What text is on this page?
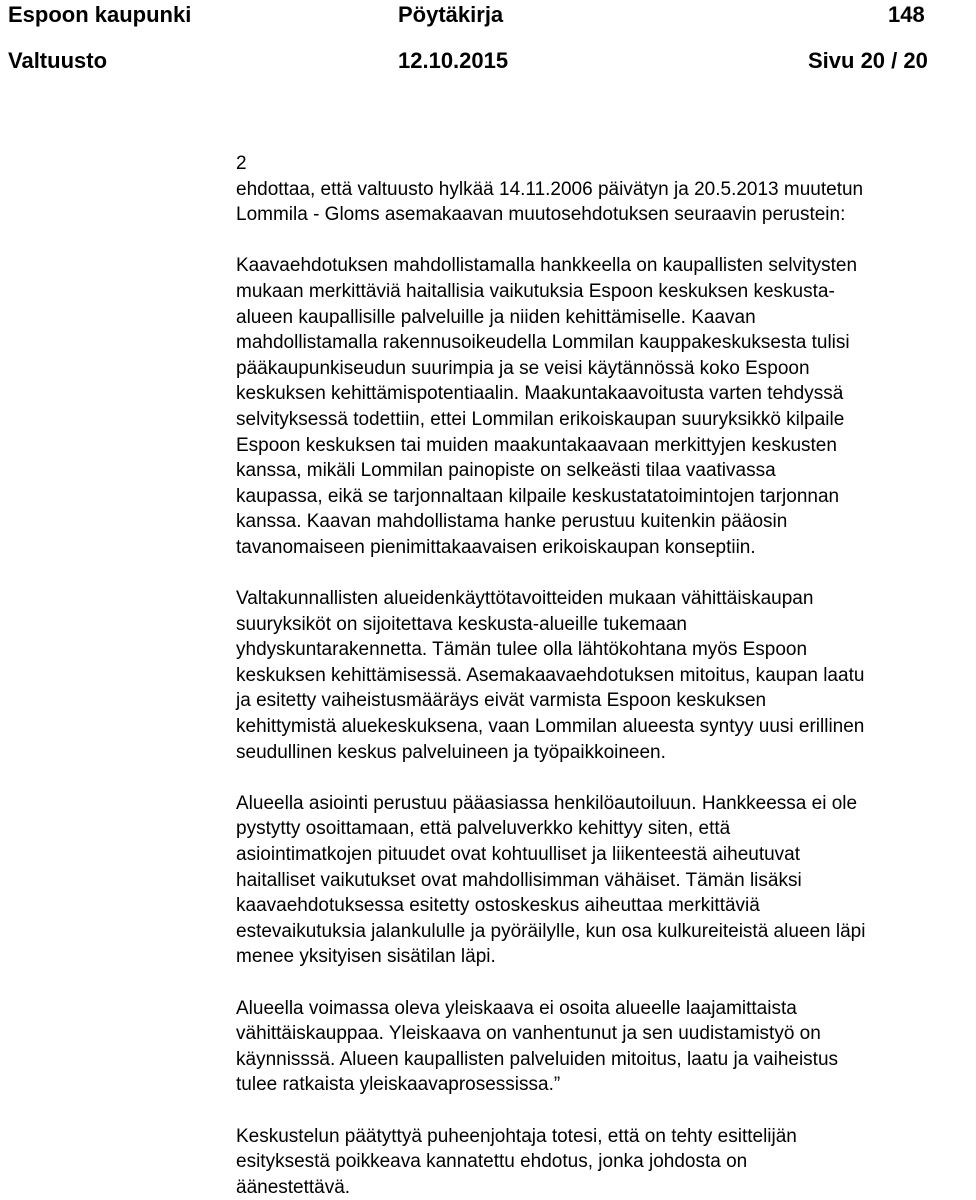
Espoon kaupunki	Pöytäkirja	148
Valtuusto	12.10.2015	Sivu 20 / 20
2
ehdottaa, että valtuusto hylkää 14.11.2006 päivätyn ja 20.5.2013 muutetun
Lommila - Gloms asemakaavan muutosehdotuksen seuraavin perustein:
Kaavaehdotuksen mahdollistamalla hankkeella on kaupallisten selvitysten
mukaan merkittäviä haitallisia vaikutuksia Espoon keskuksen keskusta-
alueen kaupallisille palveluille ja niiden kehittämiselle. Kaavan
mahdollistamalla rakennusoikeudella Lommilan kauppakeskuksesta tulisi
pääkaupunkiseudun suurimpia ja se veisi käytännössä koko Espoon
keskuksen kehittämispotentiaalin. Maakuntakaavoitusta varten tehdyssä
selvityksessä todettiin, ettei Lommilan erikoiskaupan suuryksikkö kilpaile
Espoon keskuksen tai muiden maakuntakaavaan merkittyjen keskusten
kanssa, mikäli Lommilan painopiste on selkeästi tilaa vaativassa
kaupassa, eikä se tarjonnaltaan kilpaile keskustatatoimintojen tarjonnan
kanssa. Kaavan mahdollistama hanke perustuu kuitenkin pääosin
tavanomaiseen pienimittakaavaisen erikoiskaupan konseptiin.
Valtakunnallisten alueidenkäyttötavoitteiden mukaan vähittäiskaupan
suuryksiköt on sijoitettava keskusta-alueille tukemaan
yhdyskuntarakennetta. Tämän tulee olla lähtökohtana myös Espoon
keskuksen kehittämisessä. Asemakaavaehdotuksen mitoitus, kaupan laatu
ja esitetty vaiheistusmääräys eivät varmista Espoon keskuksen
kehittymistä aluekeskuksena, vaan Lommilan alueesta syntyy uusi erillinen
seudullinen keskus palveluineen ja työpaikkoineen.
Alueella asiointi perustuu pääasiassa henkilöautoiluun. Hankkeessa ei ole
pystytty osoittamaan, että palveluverkko kehittyy siten, että
asiointimatkojen pituudet ovat kohtuulliset ja liikenteestä aiheutuvat
haitalliset vaikutukset ovat mahdollisimman vähäiset. Tämän lisäksi
kaavaehdotuksessa esitetty ostoskeskus aiheuttaa merkittäviä
estevaikutuksia jalankululle ja pyöräilylle, kun osa kulkureiteistä alueen läpi
menee yksityisen sisätilan läpi.
Alueella voimassa oleva yleiskaava ei osoita alueelle laajamittaista
vähittäiskauppaa. Yleiskaava on vanhentunut ja sen uudistamistyö on
käynnisssä. Alueen kaupallisten palveluiden mitoitus, laatu ja vaiheistus
tulee ratkaista yleiskaavaprosessissa.”
Keskustelun päätyttyä puheenjohtaja totesi, että on tehty esittelijän
esityksestä poikkeava kannatettu ehdotus, jonka johdosta on
äänestettävä.
